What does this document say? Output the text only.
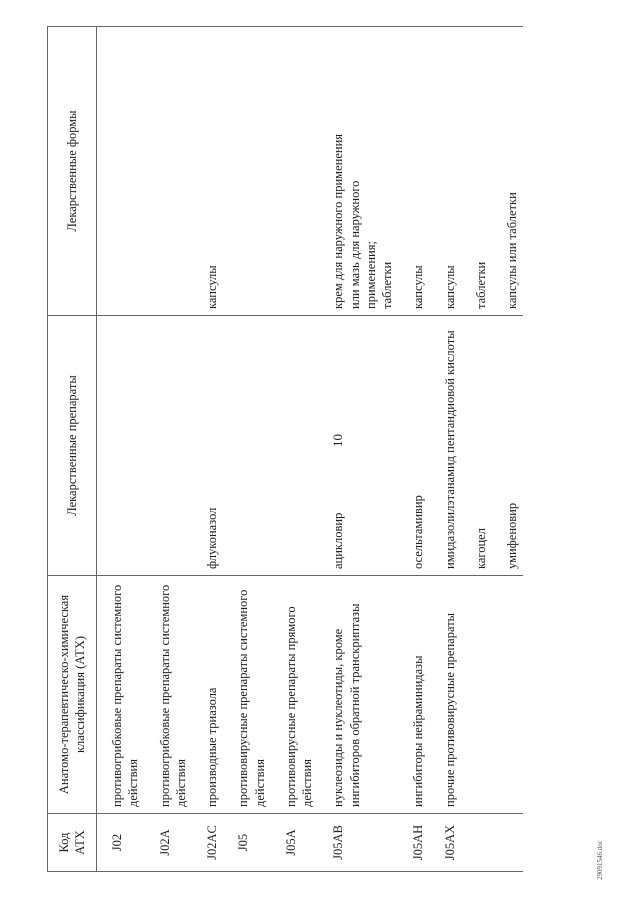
10
29091546.doc
Код АТХ	Анатомо-терапевтическо-химическая классификация (АТХ)	Лекарственные препараты	Лекарственные формы
J02	противогрибковые препараты системного действия		
J02A	противогрибковые препараты системного действия		
J02AC	производные триазола	флуконазол	капсулы
J05	противовирусные препараты системного действия		
J05A	противовирусные препараты прямого действия		
J05AB	нуклеозиды и нуклеотиды, кроме ингибиторов обратной транскриптазы	ацикловир	крем для наружного применения
или мазь для наружного
применения;
таблетки
J05AH	ингибиторы нейраминидазы	осельтамивир	капсулы
J05AX	прочие противовирусные препараты	имидазолилэтанамид пентандиовой кислоты	капсулы
		кагоцел	таблетки
		умифеновир	капсулы или таблетки
